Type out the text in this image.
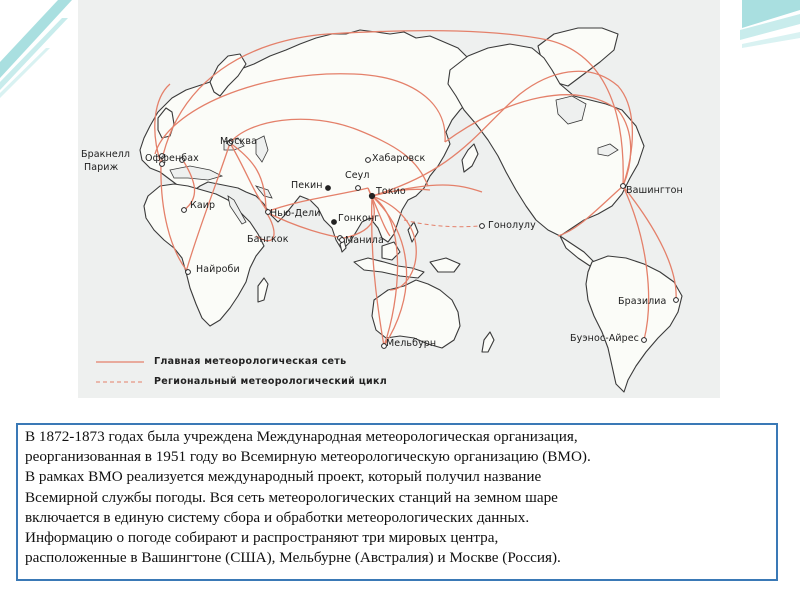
Бракнелл
Париж
Оффенбах
Москва
Каир
Нью-Дели
Найроби
Бангкок
Пекин
Хабаровск
Сеул
Токио
Гонконг
Манила
Гонолулу
Мельбурн
Вашингтон
Бразилиа
Буэнос-Айрес
Главная метеорологическая сеть
Региональный метеорологический цикл

В 1872-1873 годах была учреждена Международная метеорологическая организация,

реорганизованная в 1951 году во Всемирную метеорологическую организацию (ВМО).

В рамках ВМО реализуется международный проект, который получил название

Всемирной службы погоды. Вся сеть метеорологических станций на земном шаре

включается в единую систему сбора и обработки метеорологических данных.

Информацию о погоде собирают и распространяют три мировых центра,

расположенные в Вашингтоне (США), Мельбурне (Австралия) и Москве (Россия).
